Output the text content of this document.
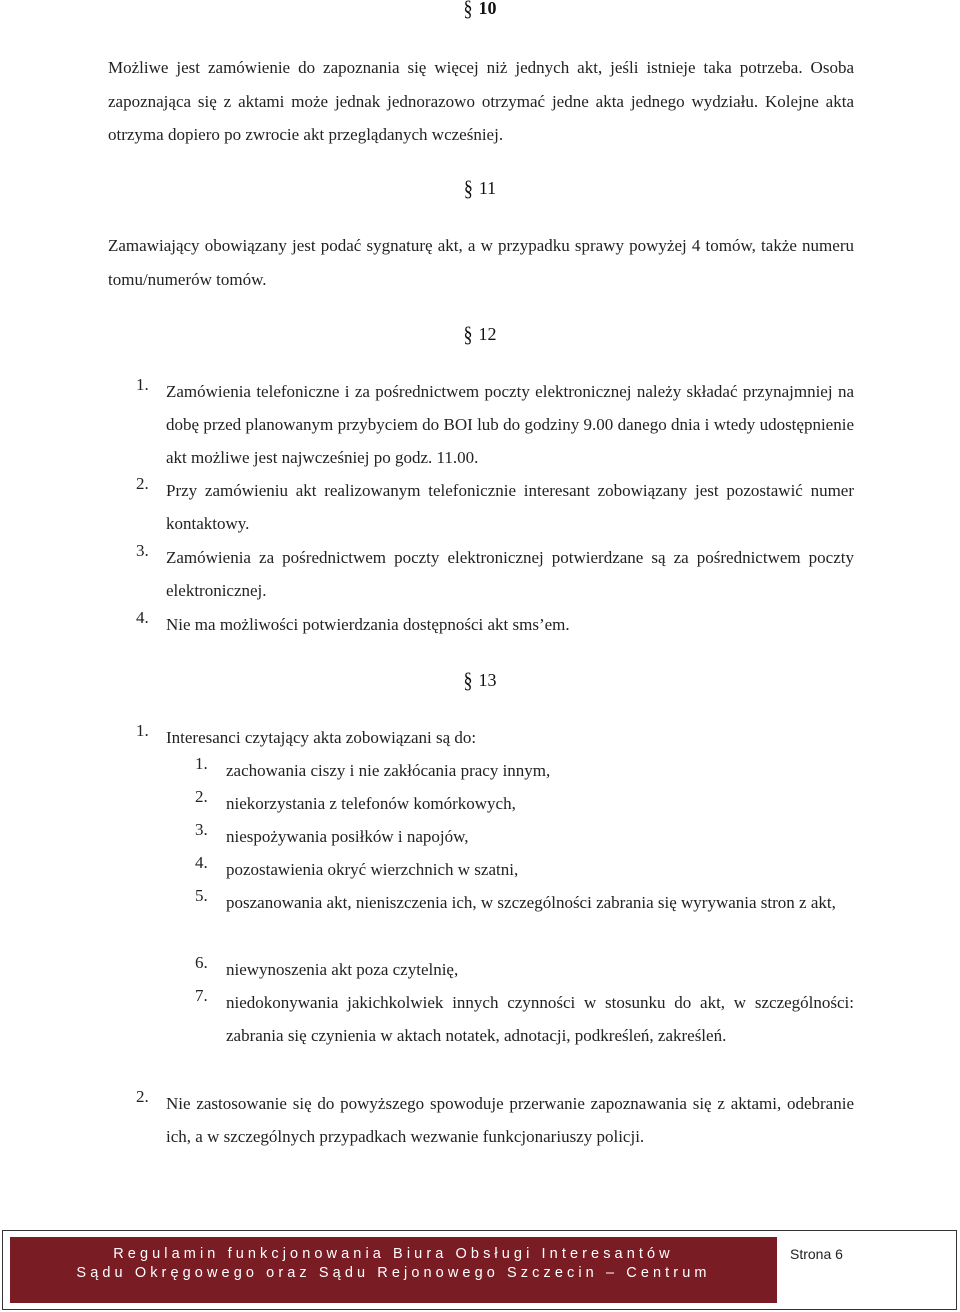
§ 10

Możliwe jest zamówienie do zapoznania się więcej niż jednych akt, jeśli istnieje taka potrzeba. Osoba zapoznająca się z aktami może jednak jednorazowo otrzymać jedne akta jednego wydziału. Kolejne akta otrzyma dopiero po zwrocie akt przeglądanych wcześniej.

§ 11

Zamawiający obowiązany jest podać sygnaturę akt, a w przypadku sprawy powyżej 4 tomów, także numeru tomu/numerów tomów.

§ 12
1. Zamówienia telefoniczne i za pośrednictwem poczty elektronicznej należy składać przynajmniej na dobę przed planowanym przybyciem do BOI lub do godziny 9.00 danego dnia i wtedy udostępnienie akt możliwe jest najwcześniej po godz. 11.00.

2. Przy zamówieniu akt realizowanym telefonicznie interesant zobowiązany jest pozostawić numer kontaktowy.

3. Zamówienia za pośrednictwem poczty elektronicznej potwierdzane są za pośrednictwem poczty elektronicznej.

4. Nie ma możliwości potwierdzania dostępności akt sms’em.

§ 13
1. Interesanci czytający akta zobowiązani są do:

1. zachowania ciszy i nie zakłócania pracy innym,

2. niekorzystania z telefonów komórkowych,

3. niespożywania posiłków i napojów,

4. pozostawienia okryć wierzchnich w szatni,

5. poszanowania akt, nieniszczenia ich, w szczególności zabrania się wyrywania stron z akt,

6. niewynoszenia akt poza czytelnię,

7. niedokonywania jakichkolwiek innych czynności w stosunku do akt, w szczególności: zabrania się czynienia w aktach notatek, adnotacji, podkreśleń, zakreśleń.

2. Nie zastosowanie się do powyższego spowoduje przerwanie zapoznawania się z aktami, odebranie ich, a w szczególnych przypadkach wezwanie funkcjonariuszy policji.

Regulamin funkcjonowania Biura Obsługi Interesantów
Sądu Okręgowego oraz Sądu Rejonowego Szczecin – Centrum
Strona 6
